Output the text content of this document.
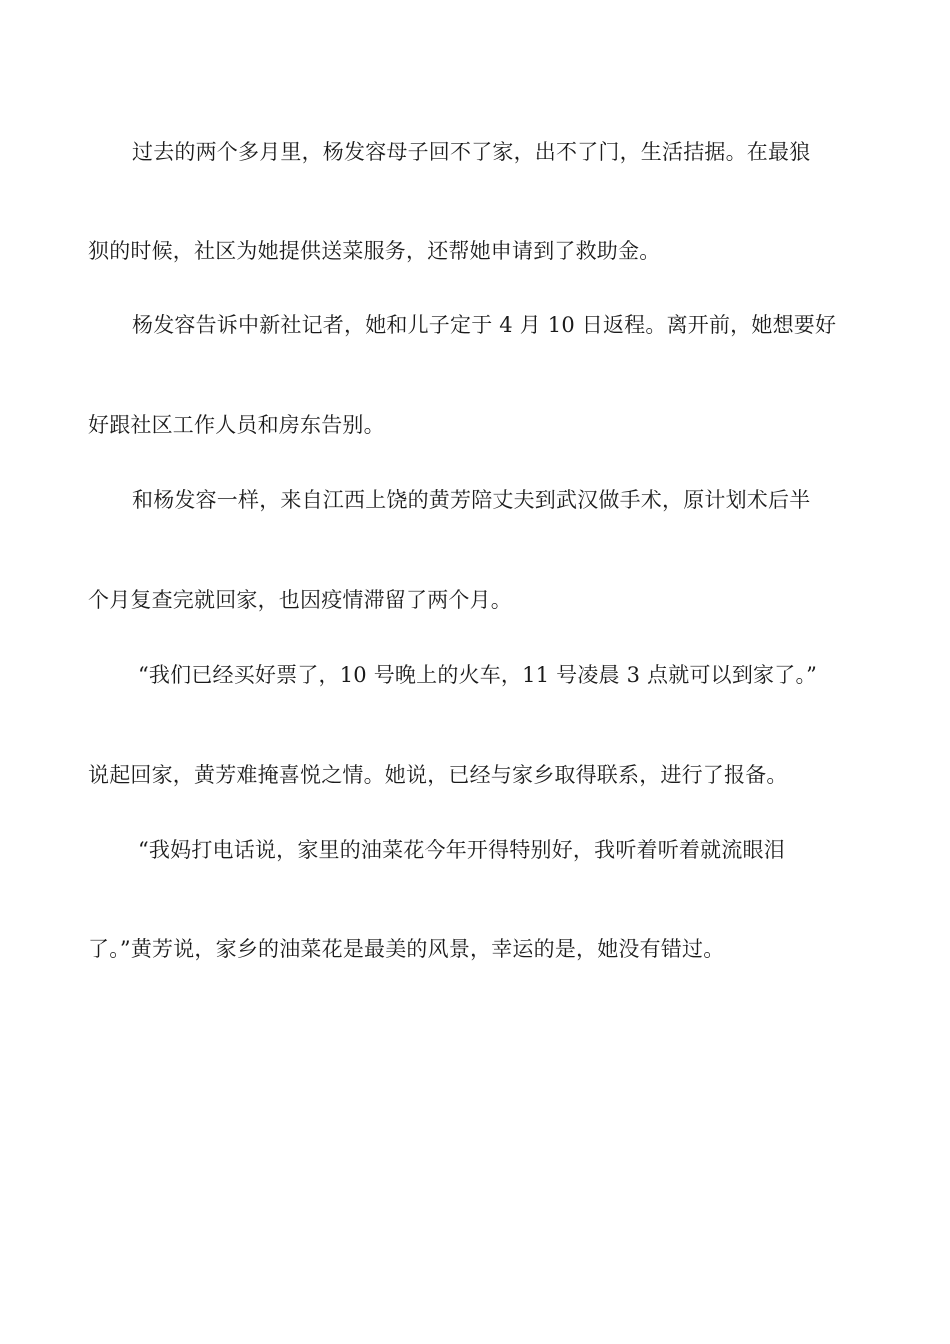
过去的两个多月里，杨发容母子回不了家，出不了门，生活拮据。在最狼
狈的时候，社区为她提供送菜服务，还帮她申请到了救助金。
杨发容告诉中新社记者，她和儿子定于 4 月 10 日返程。离开前，她想要好
好跟社区工作人员和房东告别。
和杨发容一样，来自江西上饶的黄芳陪丈夫到武汉做手术，原计划术后半
个月复查完就回家，也因疫情滞留了两个月。
“我们已经买好票了，10 号晚上的火车，11 号凌晨 3 点就可以到家了。”
说起回家，黄芳难掩喜悦之情。她说，已经与家乡取得联系，进行了报备。
“我妈打电话说，家里的油菜花今年开得特别好，我听着听着就流眼泪
了。”黄芳说，家乡的油菜花是最美的风景，幸运的是，她没有错过。
